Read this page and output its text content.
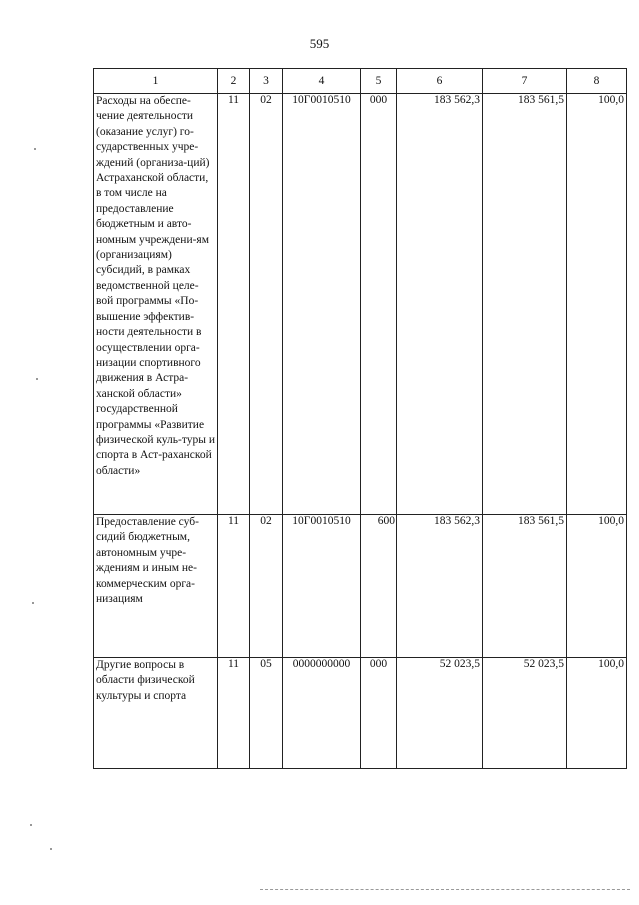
595
1	2	3	4	5	6	7	8
Расходы на обеспе-чение деятельности (оказание услуг) го-сударственных учре-ждений (организа-ций) Астраханской области, в том числе на предоставление бюджетным и авто-номным учреждени-ям (организациям) субсидий, в рамках ведомственной целе-вой программы «По-вышение эффектив-ности деятельности в осуществлении орга-низации спортивного движения в Астра-ханской области» государственной программы «Развитие физической куль-туры и спорта в Аст-раханской области»	11	02	10Г0010510	000	183 562,3	183 561,5	100,0
Предоставление суб-сидий бюджетным, автономным учре-ждениям и иным не-коммерческим орга-низациям	11	02	10Г0010510	600	183 562,3	183 561,5	100,0
Другие вопросы в области физической культуры и спорта	11	05	0000000000	000	52 023,5	52 023,5	100,0
